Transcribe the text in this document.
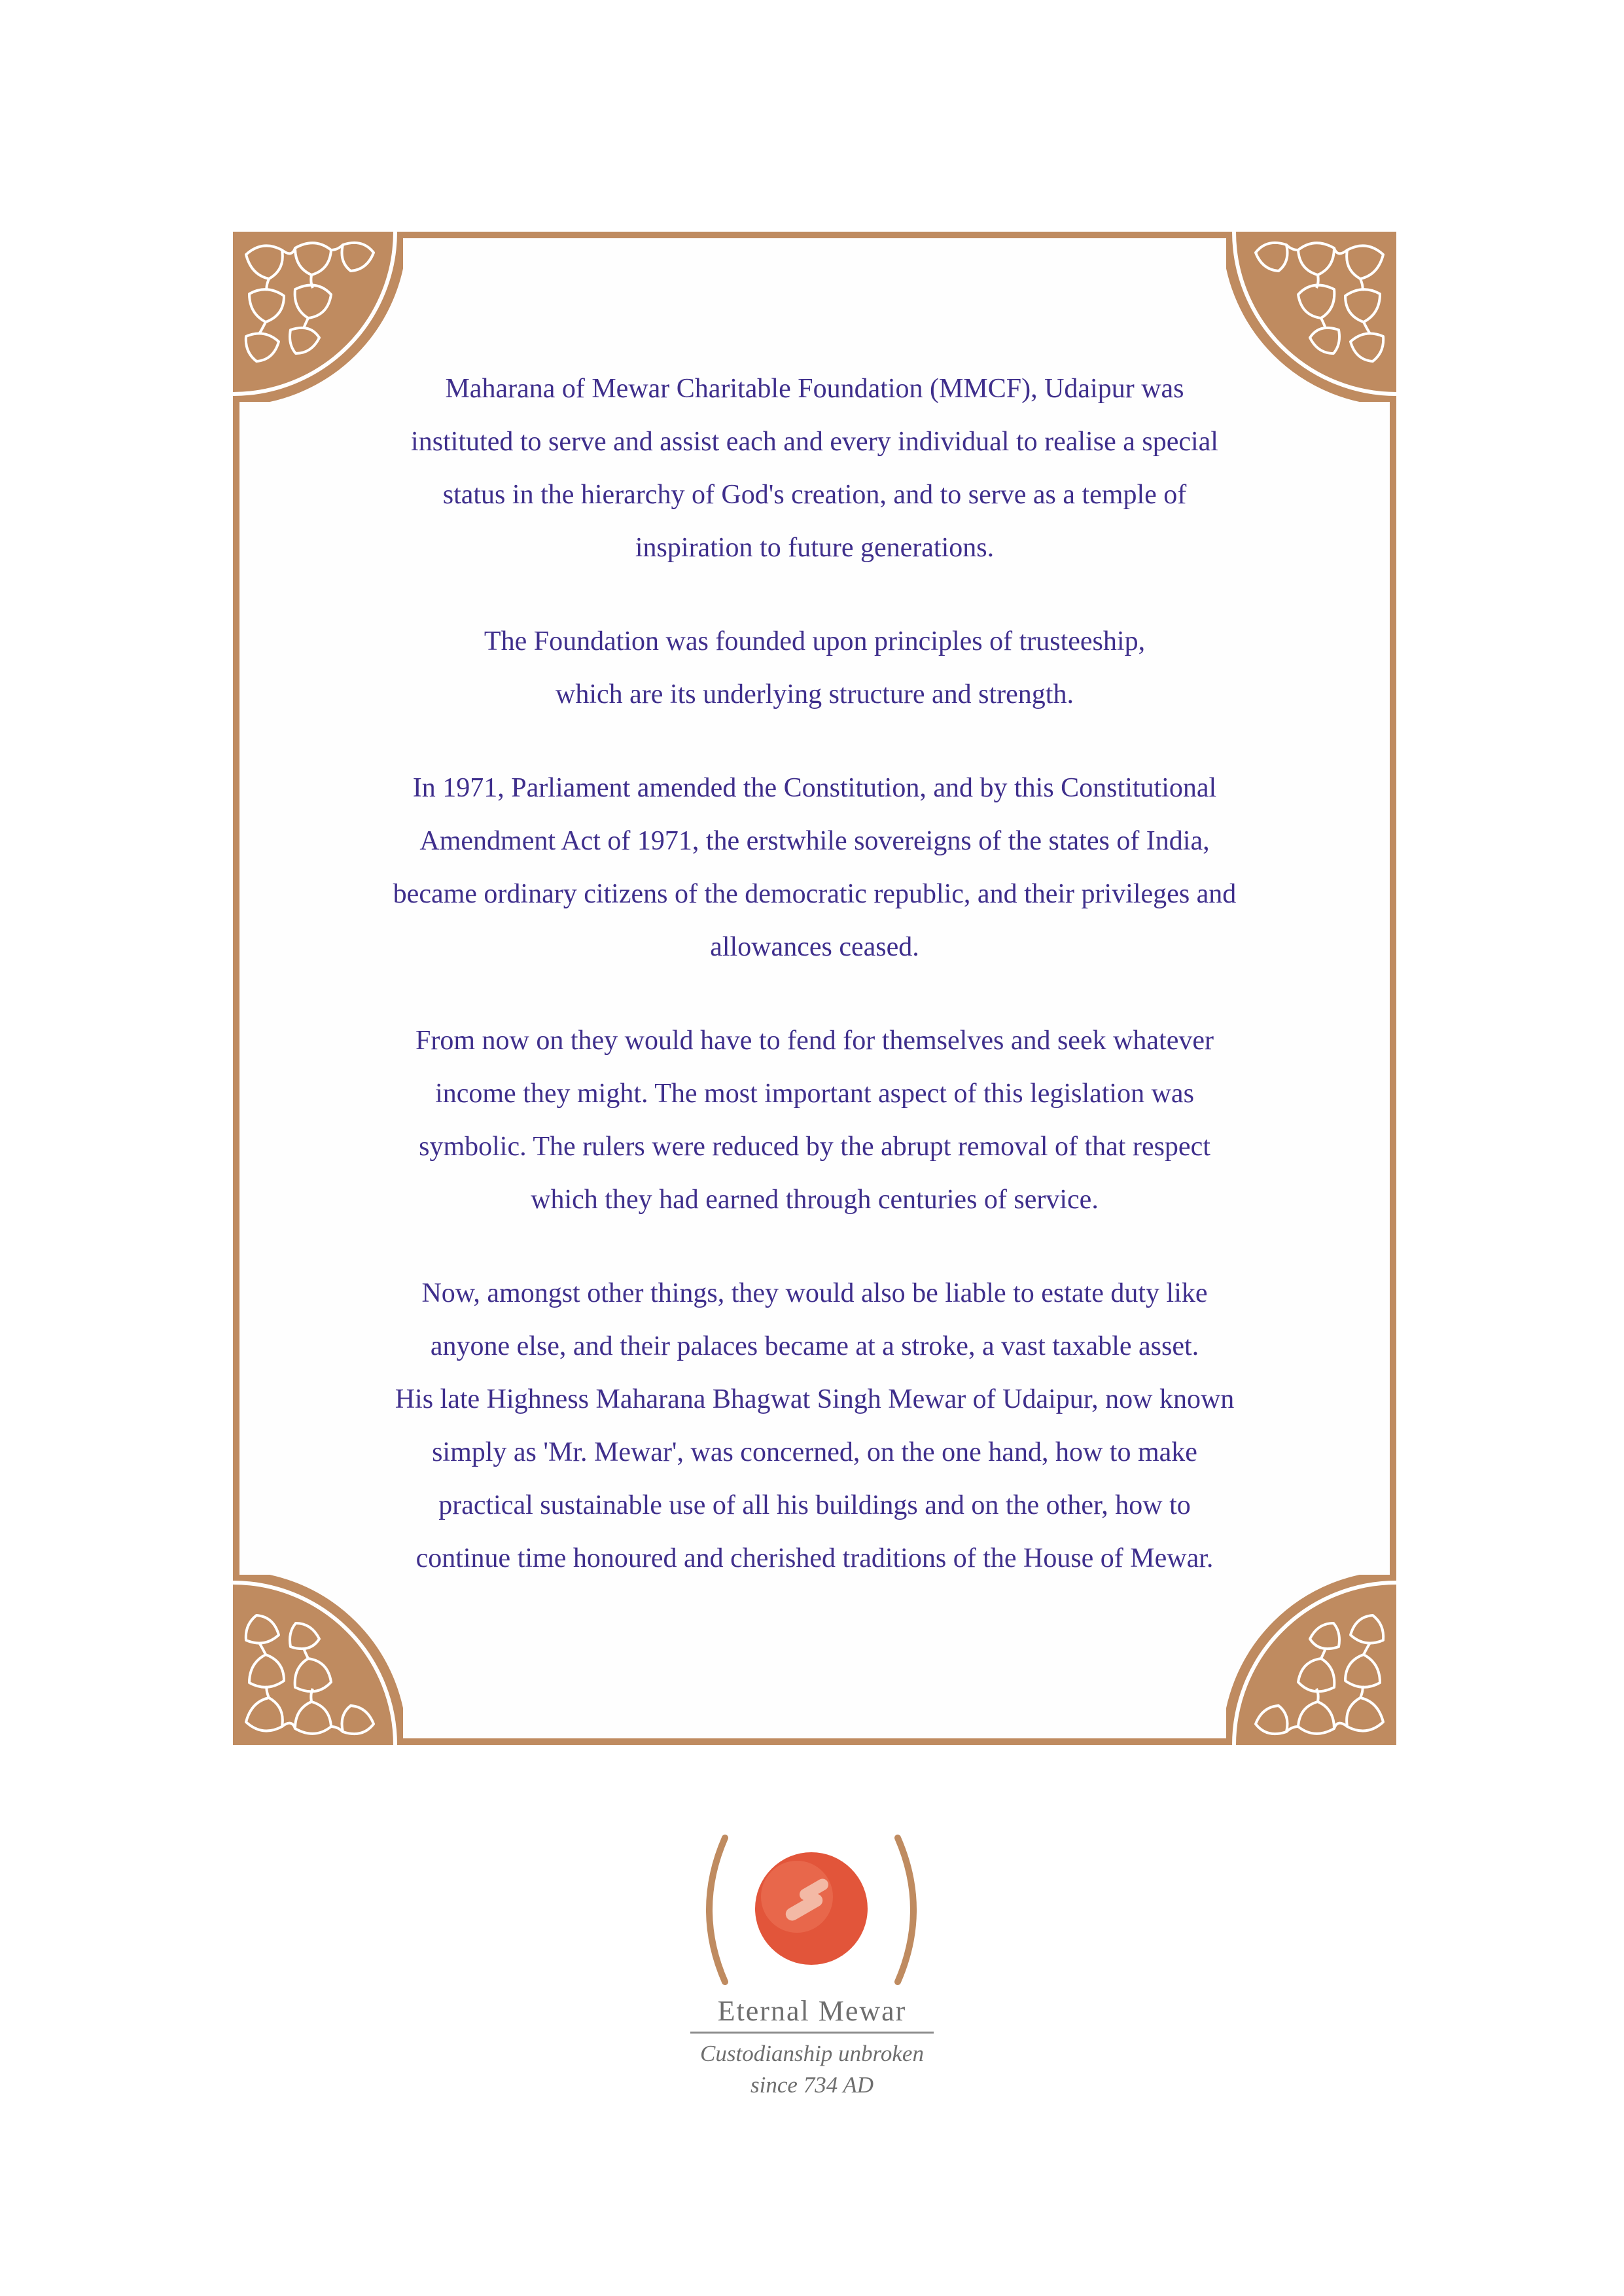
Maharana of Mewar Charitable Foundation (MMCF), Udaipur was
instituted to serve and assist each and every individual to realise a special
status in the hierarchy of God's creation, and to serve as a temple of
inspiration to future generations.

The Foundation was founded upon principles of trusteeship,
which are its underlying structure and strength.

In 1971, Parliament amended the Constitution, and by this Constitutional
Amendment Act of 1971, the erstwhile sovereigns of the states of India,
became ordinary citizens of the democratic republic, and their privileges and
allowances ceased.

From now on they would have to fend for themselves and seek whatever
income they might. The most important aspect of this legislation was
symbolic. The rulers were reduced by the abrupt removal of that respect
which they had earned through centuries of service.

Now, amongst other things, they would also be liable to estate duty like
anyone else, and their palaces became at a stroke, a vast taxable asset.
His late Highness Maharana Bhagwat Singh Mewar of Udaipur, now known
simply as 'Mr. Mewar', was concerned, on the one hand, how to make
practical sustainable use of all his buildings and on the other, how to
continue time honoured and cherished traditions of the House of Mewar.

Eternal Mewar
Custodianship unbroken
since 734 AD
